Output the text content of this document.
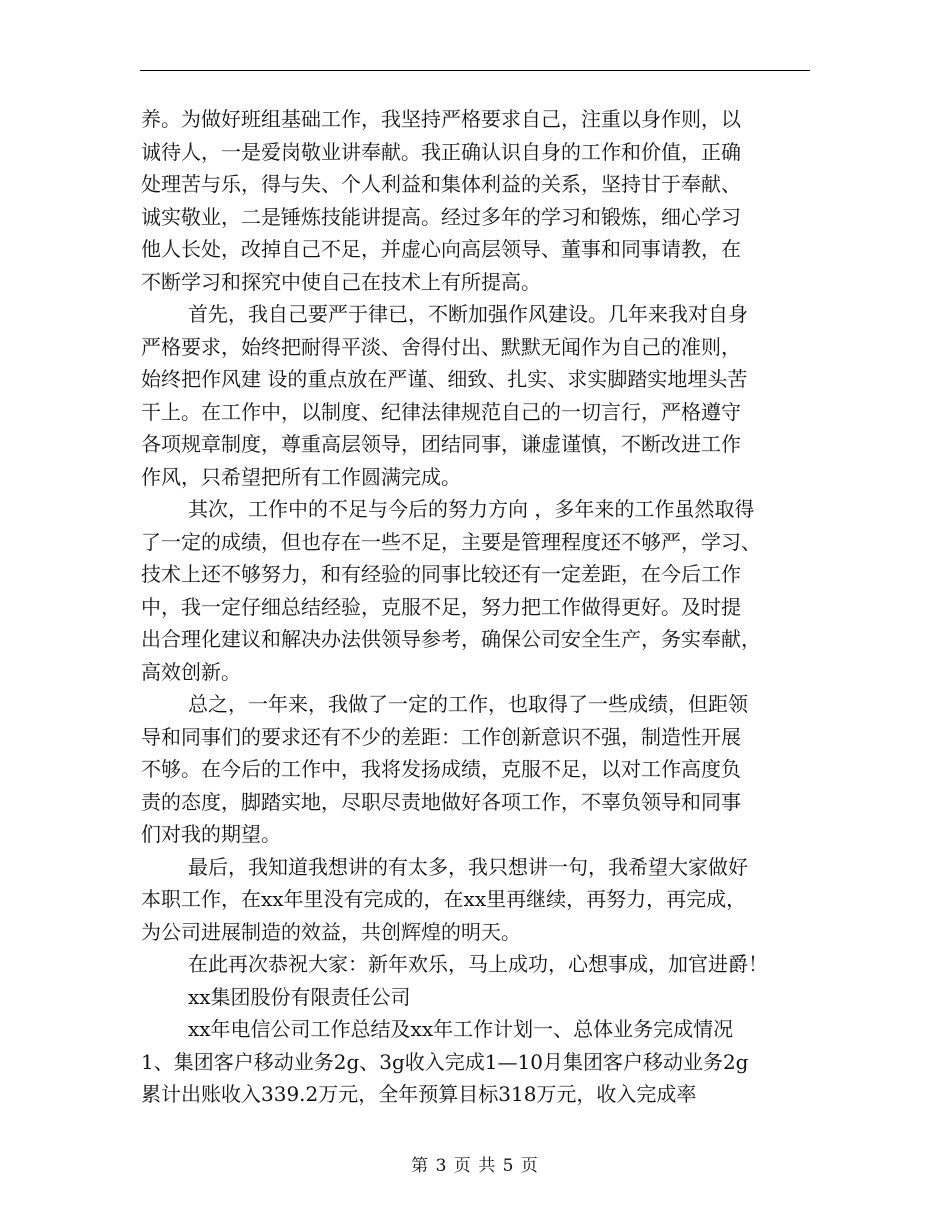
养。为做好班组基础工作，我坚持严格要求自己，注重以身作则，以
诚待人，一是爱岗敬业讲奉献。我正确认识自身的工作和价值，正确
处理苦与乐，得与失、个人利益和集体利益的关系，坚持甘于奉献、
诚实敬业，二是锤炼技能讲提高。经过多年的学习和锻炼，细心学习
他人长处，改掉自己不足，并虚心向高层领导、董事和同事请教，在
不断学习和探究中使自己在技术上有所提高。
首先，我自己要严于律已，不断加强作风建设。几年来我对自身
严格要求，始终把耐得平淡、舍得付出、默默无闻作为自己的准则，
始终把作风建 设的重点放在严谨、细致、扎实、求实脚踏实地埋头苦
干上。在工作中，以制度、纪律法律规范自己的一切言行，严格遵守
各项规章制度，尊重高层领导，团结同事，谦虚谨慎，不断改进工作
作风，只希望把所有工作圆满完成。
其次，工作中的不足与今后的努力方向 ，多年来的工作虽然取得
了一定的成绩，但也存在一些不足，主要是管理程度还不够严，学习、
技术上还不够努力，和有经验的同事比较还有一定差距，在今后工作
中，我一定仔细总结经验，克服不足，努力把工作做得更好。及时提
出合理化建议和解决办法供领导参考，确保公司安全生产，务实奉献，
高效创新。
总之，一年来，我做了一定的工作，也取得了一些成绩，但距领
导和同事们的要求还有不少的差距：工作创新意识不强，制造性开展
不够。在今后的工作中，我将发扬成绩，克服不足，以对工作高度负
责的态度，脚踏实地，尽职尽责地做好各项工作，不辜负领导和同事
们对我的期望。
最后，我知道我想讲的有太多，我只想讲一句，我希望大家做好
本职工作，在xx年里没有完成的，在xx里再继续，再努力，再完成，
为公司进展制造的效益，共创辉煌的明天。
在此再次恭祝大家：新年欢乐，马上成功，心想事成，加官进爵！
xx集团股份有限责任公司
xx年电信公司工作总结及xx年工作计划一、总体业务完成情况
1、集团客户移动业务2g、3g收入完成1—10月集团客户移动业务2g
累计出账收入339.2万元，全年预算目标318万元，收入完成率
第 3 页 共 5 页
